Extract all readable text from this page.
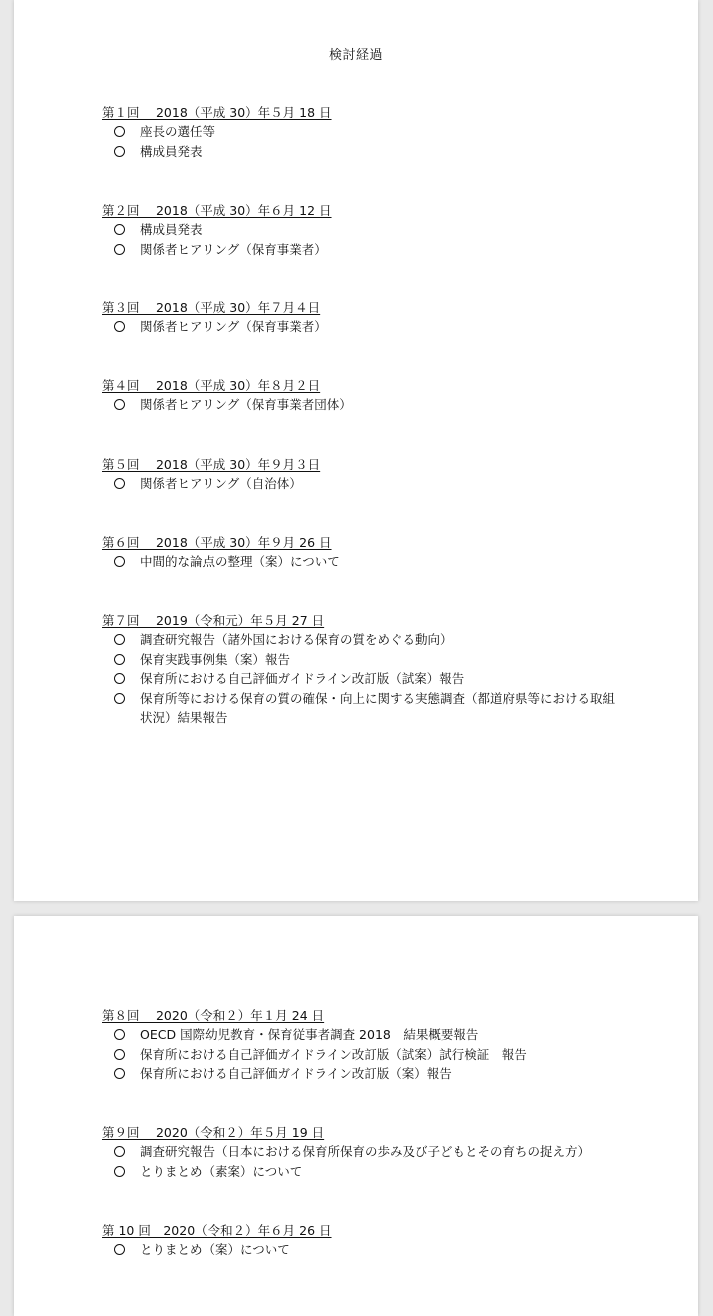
検討経過
第１回　 2018（平成 30）年５月 18 日
座長の選任等
構成員発表
第２回　 2018（平成 30）年６月 12 日
構成員発表
関係者ヒアリング（保育事業者）
第３回　 2018（平成 30）年７月４日
関係者ヒアリング（保育事業者）
第４回　 2018（平成 30）年８月２日
関係者ヒアリング（保育事業者団体）
第５回　 2018（平成 30）年９月３日
関係者ヒアリング（自治体）
第６回　 2018（平成 30）年９月 26 日
中間的な論点の整理（案）について
第７回　 2019（令和元）年５月 27 日
調査研究報告（諸外国における保育の質をめぐる動向）
保育実践事例集（案）報告
保育所における自己評価ガイドライン改訂版（試案）報告
保育所等における保育の質の確保・向上に関する実態調査（都道府県等における取組状況）結果報告
第８回　 2020（令和２）年１月 24 日
OECD 国際幼児教育・保育従事者調査 2018　結果概要報告
保育所における自己評価ガイドライン改訂版（試案）試行検証　報告
保育所における自己評価ガイドライン改訂版（案）報告
第９回　 2020（令和２）年５月 19 日
調査研究報告（日本における保育所保育の歩み及び子どもとその育ちの捉え方）
とりまとめ（素案）について
第 10 回　2020（令和２）年６月 26 日
とりまとめ（案）について
